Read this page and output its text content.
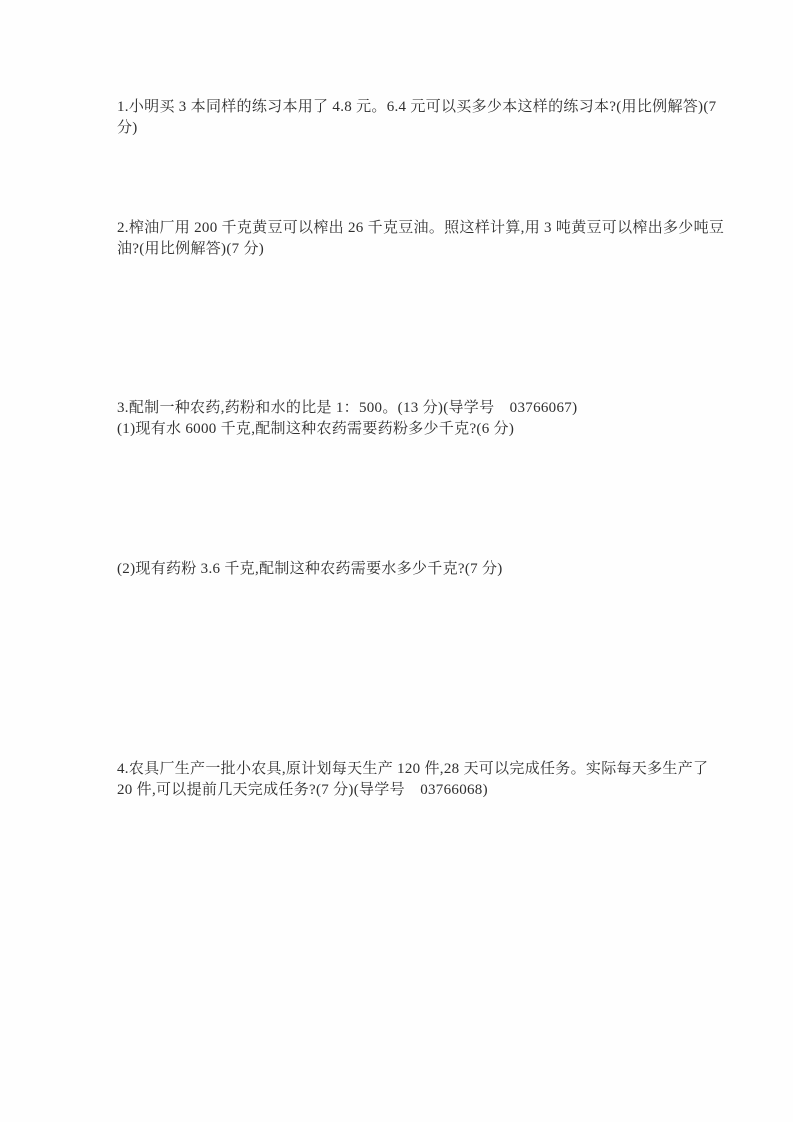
1.小明买 3 本同样的练习本用了 4.8 元。6.4 元可以买多少本这样的练习本?(用比例解答)(7
分)
2.榨油厂用 200 千克黄豆可以榨出 26 千克豆油。照这样计算,用 3 吨黄豆可以榨出多少吨豆
油?(用比例解答)(7 分)
3.配制一种农药,药粉和水的比是 1：500。(13 分)(导学号　03766067)
(1)现有水 6000 千克,配制这种农药需要药粉多少千克?(6 分)
(2)现有药粉 3.6 千克,配制这种农药需要水多少千克?(7 分)
4.农具厂生产一批小农具,原计划每天生产 120 件,28 天可以完成任务。实际每天多生产了
20 件,可以提前几天完成任务?(7 分)(导学号　03766068)
